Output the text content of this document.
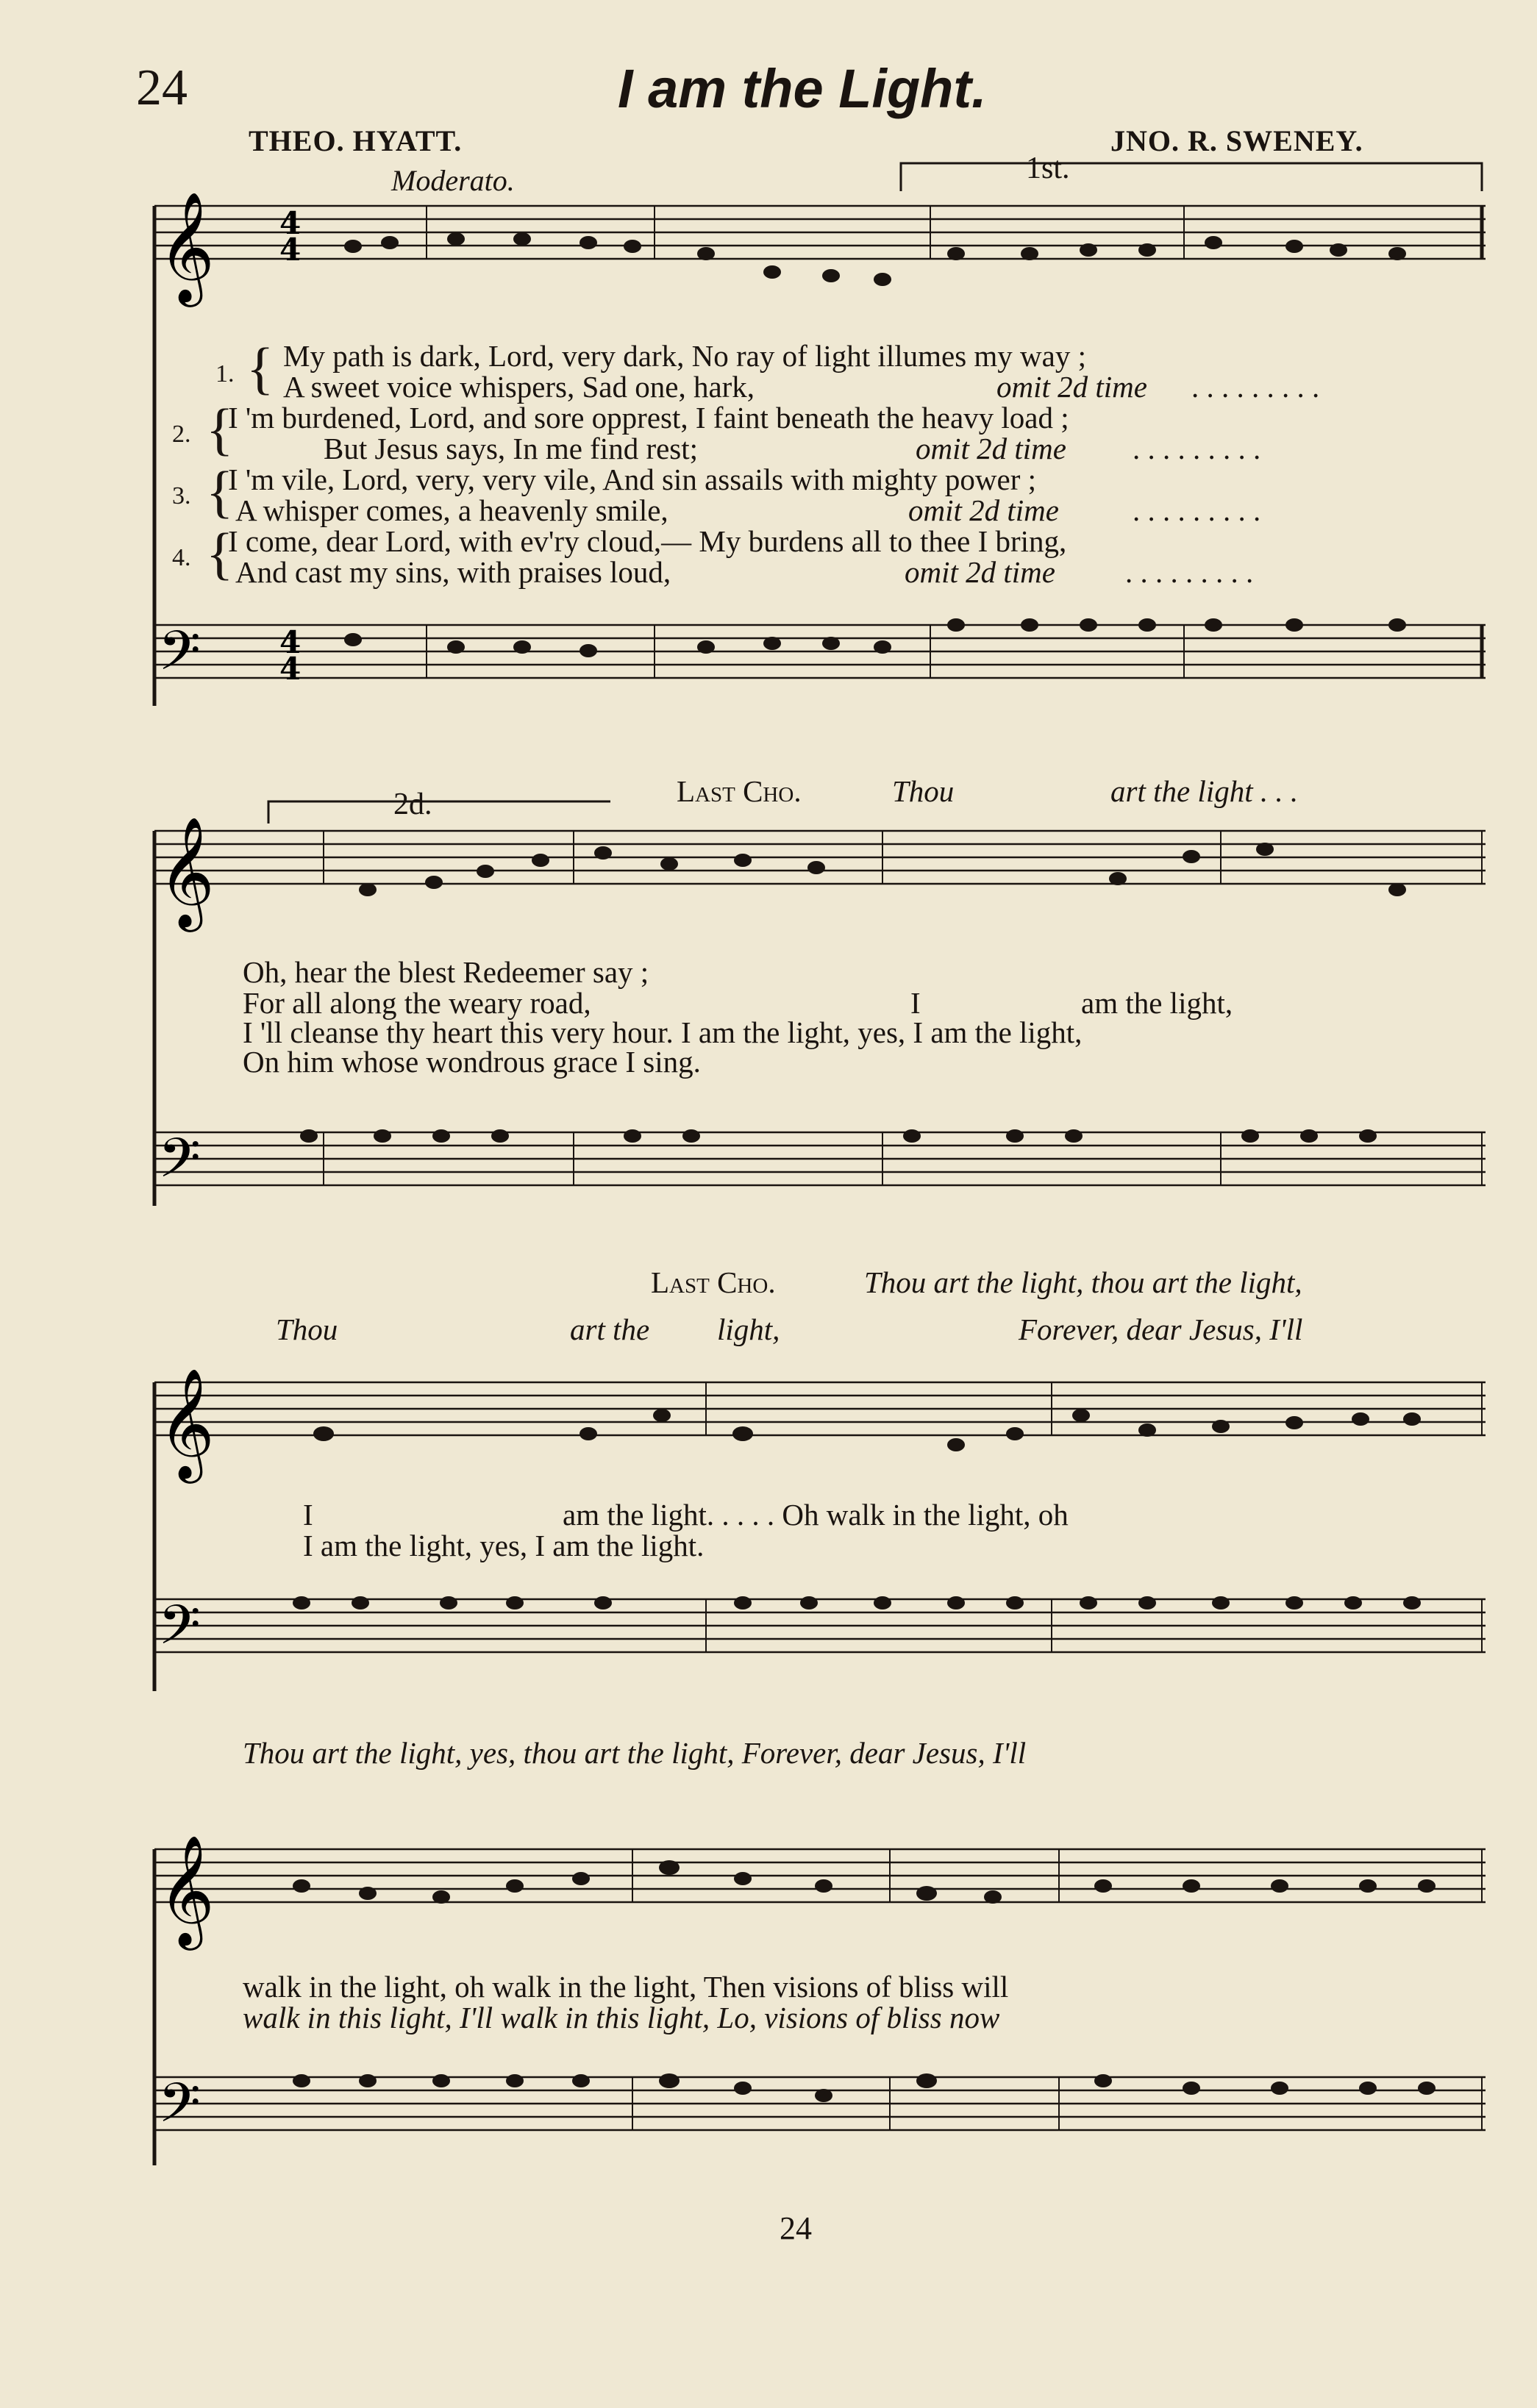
24	I am the Light.
THEO. HYATT.	JNO. R. SWENEY.
Moderato.
𝄞
𝄢
4
4
4
4
𝄞
𝄢
𝄞
𝄢
𝄞
𝄢
1st.
2d.
1. { My path is dark, Lord, very dark, No ray of light illumes my way ;
A sweet voice whispers, Sad one, hark,	omit 2d time . . . . . . . . .
2. {
I 'm burdened, Lord, and sore opprest, I faint beneath the heavy load ;
But Jesus says, In me find rest;	omit 2d time . . . . . . . . .
3. {
I 'm vile, Lord, very, very vile, And sin assails with mighty power ;
A whisper comes, a heavenly smile,	omit 2d time . . . . . . . . .
4. {
I come, dear Lord, with ev'ry cloud,— My burdens all to thee I bring,
And cast my sins, with praises loud,	omit 2d time . . . . . . . . .
Last Cho.	Thou	art the light . . .
Oh, hear the blest Redeemer say ;
For all along the weary road,	I	am the light,
I 'll cleanse thy heart this very hour. I am the light, yes, I am the light,
On him whose wondrous grace I sing.
Last Cho.	Thou art the light, thou art the light,
Thou	art the light,	Forever, dear Jesus, I'll
I	am the light. . . . . Oh walk in the light, oh
I am the light, yes, I am the light.
Thou art the light, yes, thou art the light, Forever, dear Jesus, I'll
walk in the light, oh walk in the light, Then visions of bliss will
walk in this light, I'll walk in this light, Lo, visions of bliss now
24
